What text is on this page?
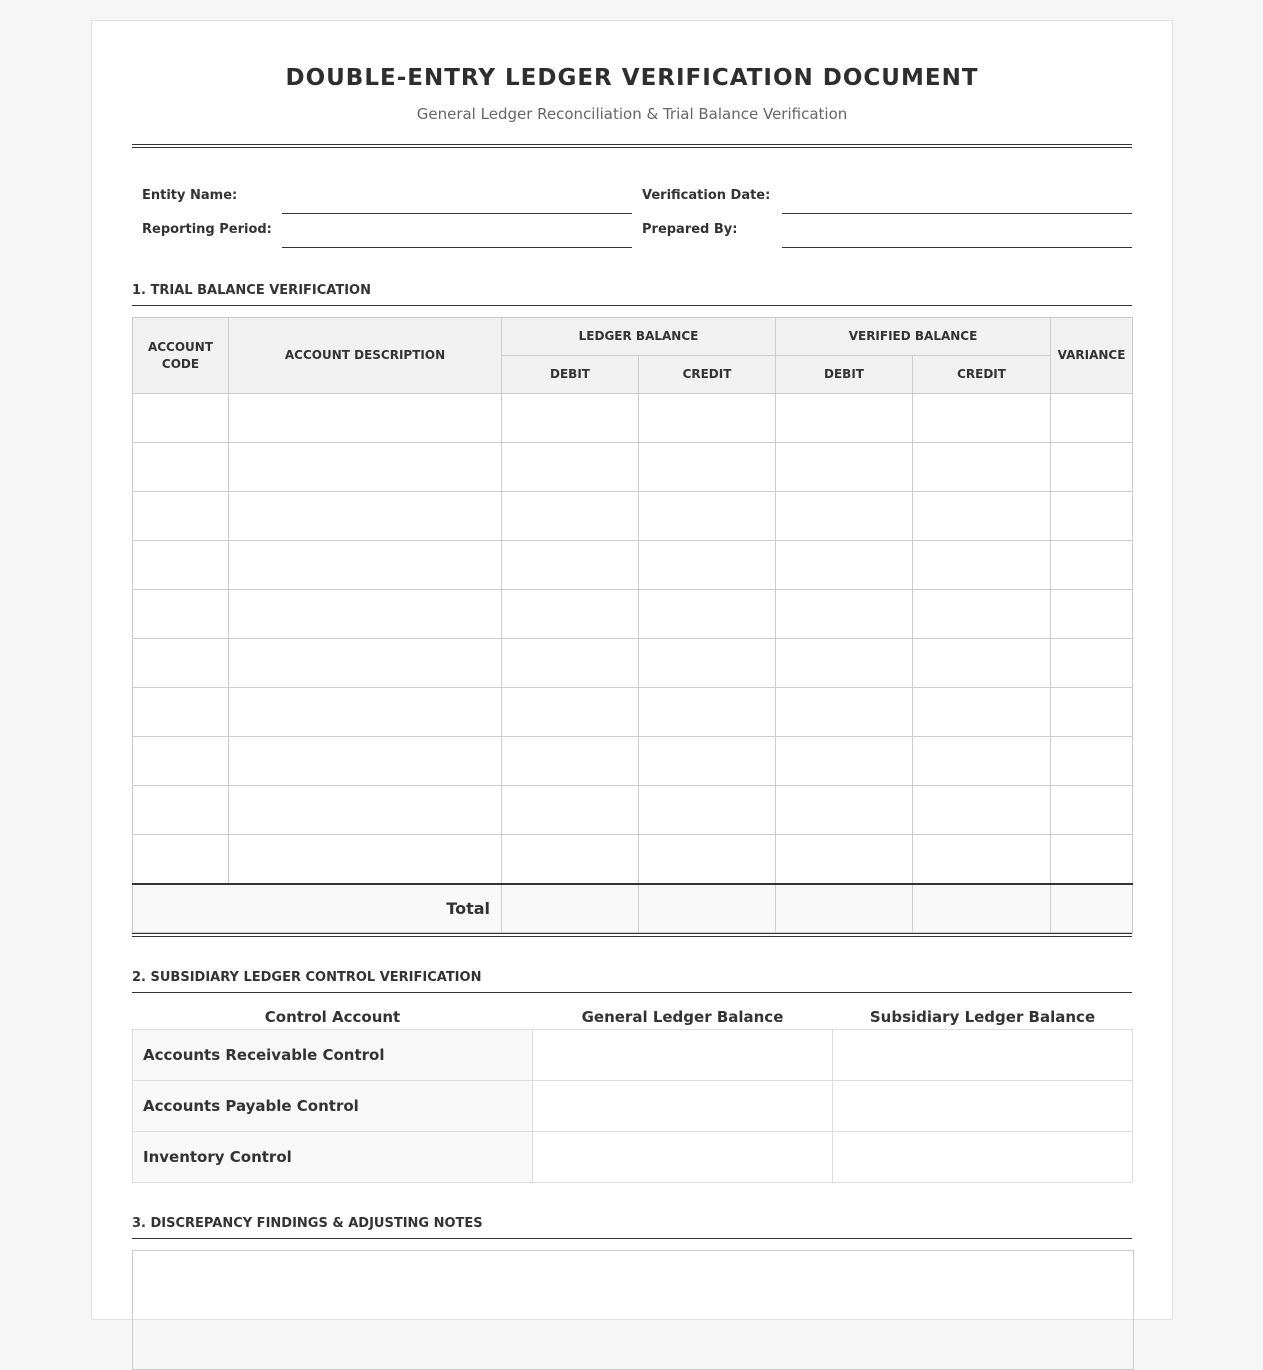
DOUBLE-ENTRY LEDGER VERIFICATION DOCUMENT
General Ledger Reconciliation & Trial Balance Verification
Entity Name:	Verification Date:
Reporting Period:	Prepared By:
1. TRIAL BALANCE VERIFICATION
ACCOUNT CODE	ACCOUNT DESCRIPTION	LEDGER BALANCE		VERIFIED BALANCE		VARIANCE
		DEBIT	CREDIT	DEBIT	CREDIT	

Total						
2. SUBSIDIARY LEDGER CONTROL VERIFICATION
Control Account	General Ledger Balance	Subsidiary Ledger Balance
Accounts Receivable Control		
Accounts Payable Control		
Inventory Control		
3. DISCREPANCY FINDINGS & ADJUSTING NOTES
